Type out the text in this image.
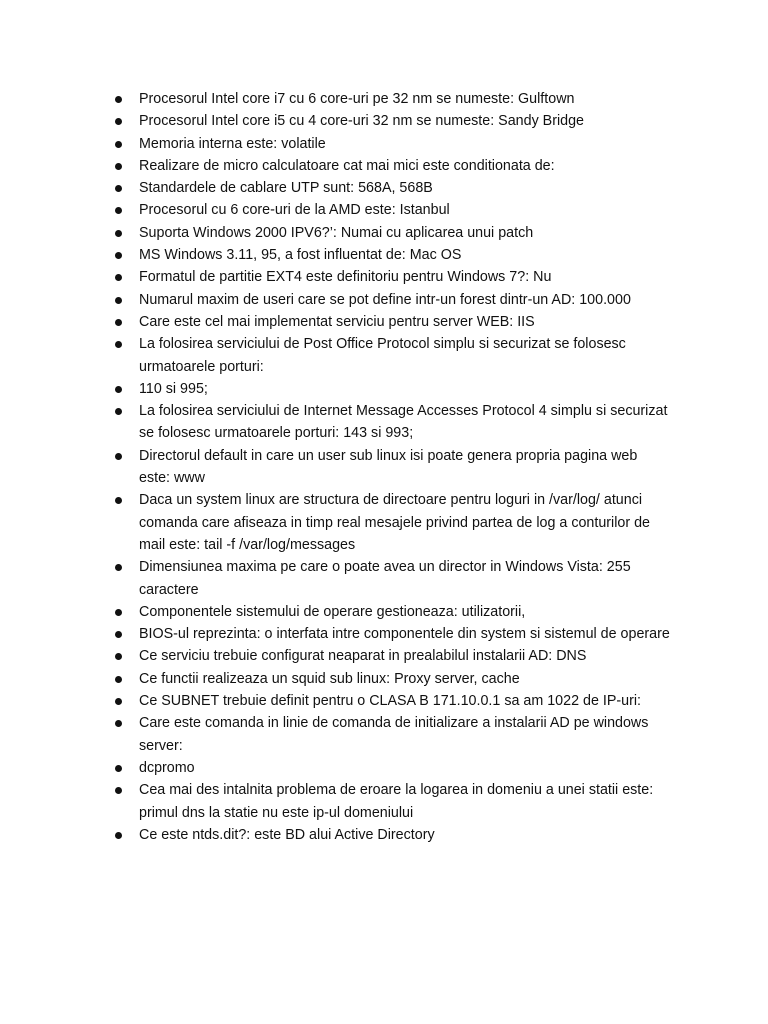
Procesorul Intel core i7 cu 6 core-uri pe 32 nm se numeste: Gulftown
Procesorul Intel core i5 cu 4 core-uri 32 nm se numeste: Sandy Bridge
Memoria interna este: volatile
Realizare de micro calculatoare cat mai mici este conditionata de:
Standardele de cablare UTP sunt: 568A, 568B
Procesorul cu 6 core-uri de la AMD este: Istanbul
Suporta Windows 2000 IPV6?’: Numai cu aplicarea unui patch
MS Windows 3.11, 95, a fost influentat de: Mac OS
Formatul de partitie EXT4 este definitoriu pentru Windows 7?: Nu
Numarul maxim de useri care se pot define intr-un forest dintr-un AD: 100.000
Care este cel mai implementat serviciu pentru server WEB: IIS
La folosirea serviciului de Post Office Protocol simplu si securizat se folosesc urmatoarele porturi:
110 si 995;
La folosirea serviciului de Internet Message Accesses Protocol 4 simplu si securizat se folosesc urmatoarele porturi: 143 si 993;
Directorul default in care un user sub linux isi poate genera propria pagina web este: www
Daca un system linux are structura de directoare pentru loguri in /var/log/ atunci comanda care afiseaza in timp real mesajele privind partea de log a conturilor de mail este: tail -f /var/log/messages
Dimensiunea maxima pe care o poate avea un director in Windows Vista: 255 caractere
Componentele sistemului de operare gestioneaza: utilizatorii,
BIOS-ul reprezinta: o interfata intre componentele din system si sistemul de operare
Ce serviciu trebuie configurat neaparat in prealabilul instalarii AD: DNS
Ce functii realizeaza un squid sub linux: Proxy server, cache
Ce SUBNET trebuie definit pentru o CLASA B 171.10.0.1 sa am 1022 de IP-uri:
Care este comanda in linie de comanda de initializare a instalarii AD pe windows server:
dcpromo
Cea mai des intalnita problema de eroare la logarea in domeniu a unei statii este: primul dns la statie nu este ip-ul domeniului
Ce este ntds.dit?: este BD alui Active Directory
